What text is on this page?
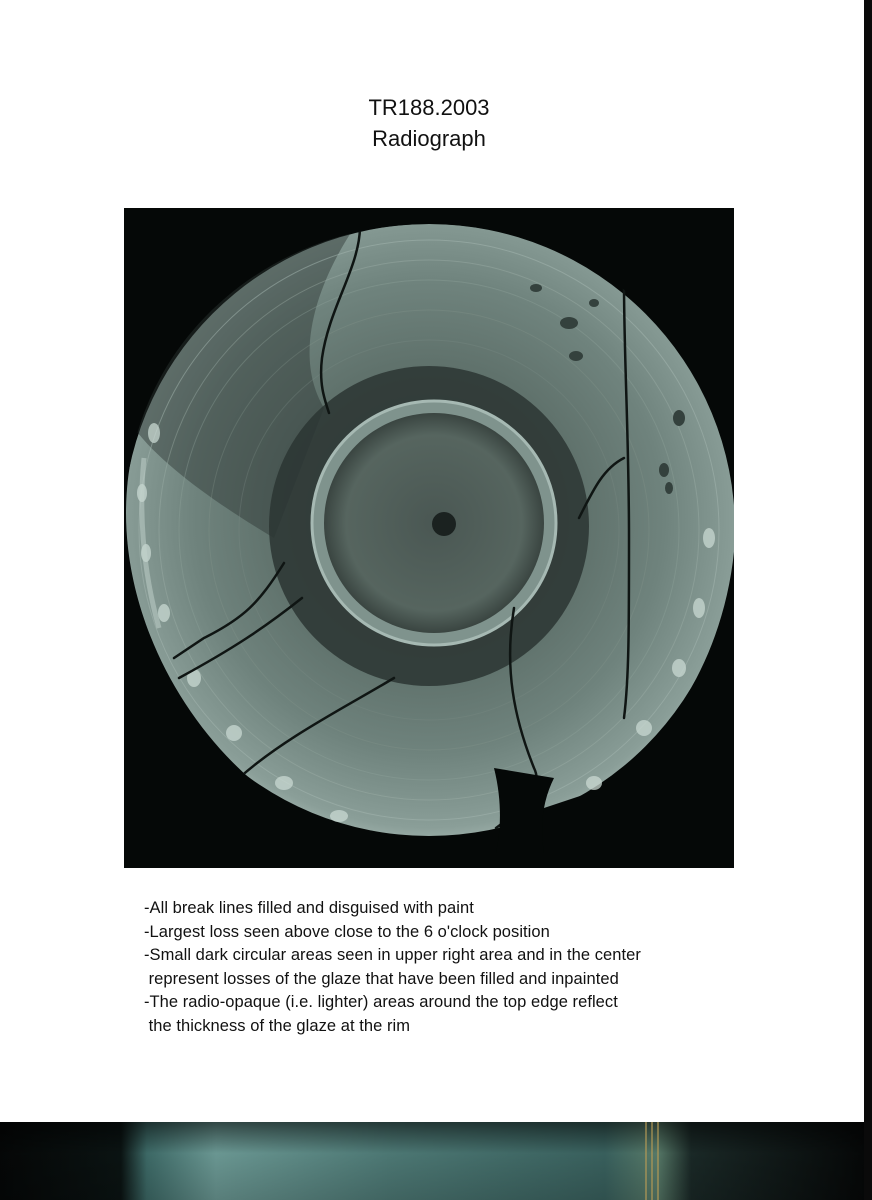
TR188.2003
Radiograph
-All break lines filled and disguised with paint
-Largest loss seen above close to the 6 o'clock position
-Small dark circular areas seen in upper right area and in the center
represent losses of the glaze that have been filled and inpainted
-The radio-opaque (i.e. lighter) areas around the top edge reflect
the thickness of the glaze at the rim
